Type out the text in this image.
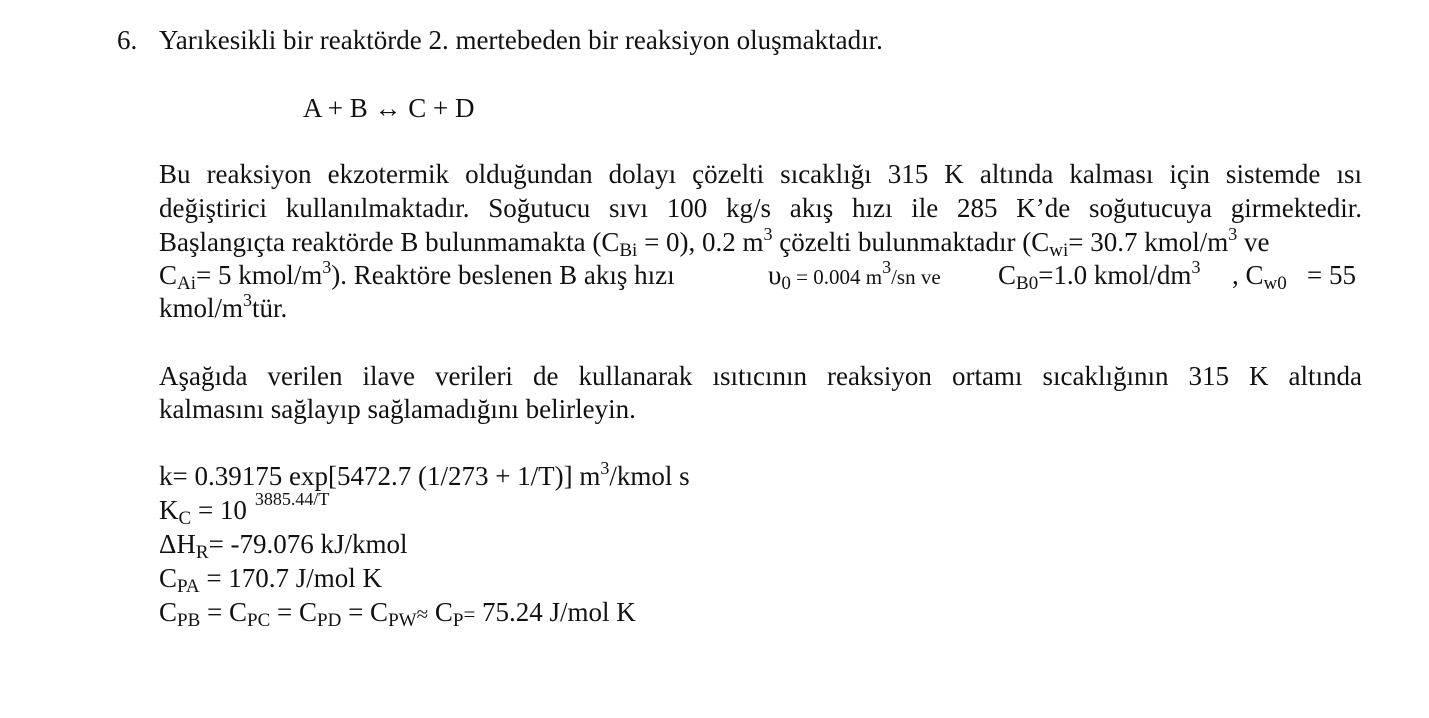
6. Yarıkesikli bir reaktörde 2. mertebeden bir reaksiyon oluşmaktadır.
A + B ↔ C + D
Bu reaksiyon ekzotermik olduğundan dolayı çözelti sıcaklığı 315 K altında kalması için sistemde ısı
değiştirici kullanılmaktadır. Soğutucu sıvı 100 kg/s akış hızı ile 285 K’de soğutucuya girmektedir.
Başlangıçta reaktörde B bulunmamakta $(C_{Bi} = 0)$, 0.2 $m^3$ çözelti bulunmaktadır ($C_{wi}= 30.7$ kmol/$m^3$ ve
$C_{Ai}= 5$ kmol/$m^3$). Reaktöre beslenen B akış hızı	$\upsilon_0 = 0.004$ $m^3/sn$ ve $C_{B0}=1.0$ kmol/$dm^3$ , $C_{w0} = 55$
kmol/$m^3tür$.
Aşağıda verilen ilave verileri de kullanarak ısıtıcının reaksiyon ortamı sıcaklığının 315 K altında
kalmasını sağlayıp sağlamadığını belirleyin.
k= 0.39175 exp[5472.7 (1/273 + 1/T)] $m^3$/kmol s
$K_C = 10$ $^{3885.44/T}$
$\Delta H_R= -79.076$ kJ/kmol
$C_{PA} = 170.7$ J/mol K
$C_{PB} = C_{PC} = C_{PD} = C_{PW}\approx C_P= 75.24$ J/mol K
